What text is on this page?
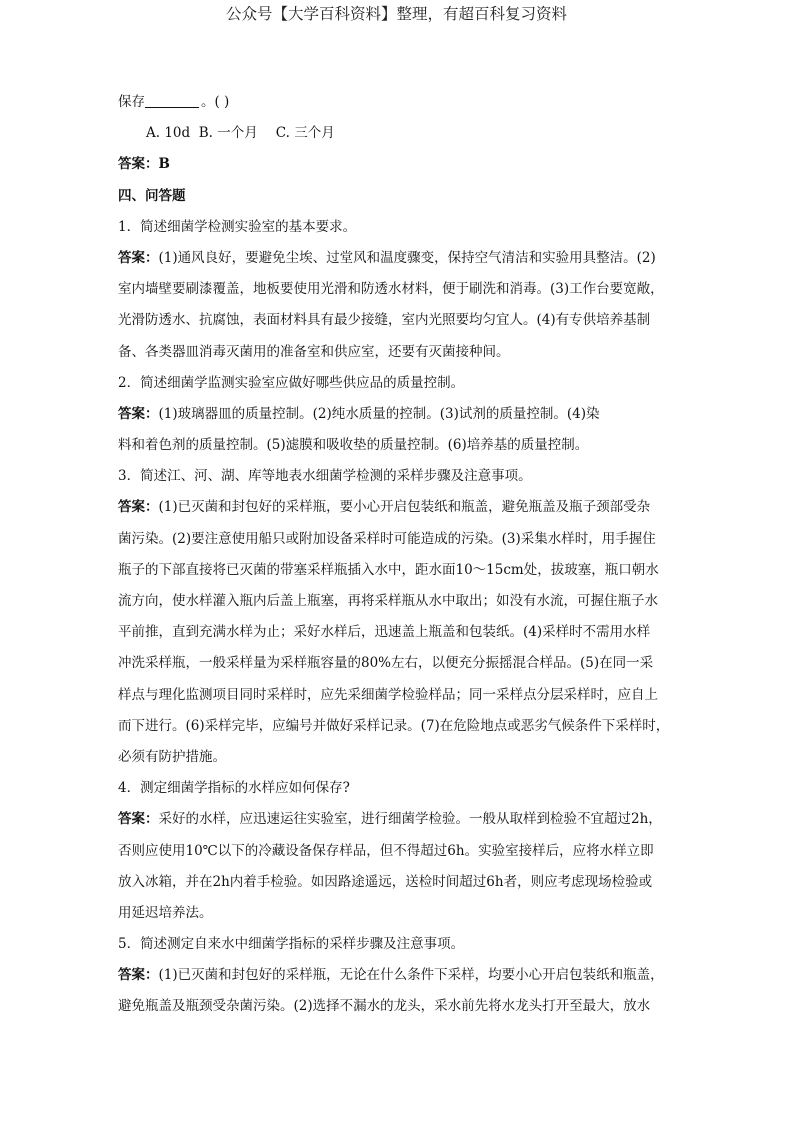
公众号【大学百科资料】整理，有超百科复习资料
保存	。( )
A. 10d B. 一个月 C. 三个月
答案：B
四、问答题
1．简述细菌学检测实验室的基本要求。
答案：(1)通风良好，要避免尘埃、过堂风和温度骤变，保持空气清洁和实验用具整洁。(2)
室内墙壁要刷漆覆盖，地板要使用光滑和防透水材料，便于刷洗和消毒。(3)工作台要宽敞，
光滑防透水、抗腐蚀，表面材料具有最少接缝，室内光照要均匀宜人。(4)有专供培养基制
备、各类器皿消毒灭菌用的准备室和供应室，还要有灭菌接种间。
2．简述细菌学监测实验室应做好哪些供应品的质量控制。
答案：(1)玻璃器皿的质量控制。(2)纯水质量的控制。(3)试剂的质量控制。(4)染
料和着色剂的质量控制。(5)滤膜和吸收垫的质量控制。(6)培养基的质量控制。
3．简述江、河、湖、库等地表水细菌学检测的采样步骤及注意事项。
答案：(1)已灭菌和封包好的采样瓶，要小心开启包装纸和瓶盖，避免瓶盖及瓶子颈部受杂
菌污染。(2)要注意使用船只或附加设备采样时可能造成的污染。(3)采集水样时，用手握住
瓶子的下部直接将已灭菌的带塞采样瓶插入水中，距水面10～15cm处，拔玻塞，瓶口朝水
流方向，使水样灌入瓶内后盖上瓶塞，再将采样瓶从水中取出；如没有水流，可握住瓶子水
平前推，直到充满水样为止；采好水样后，迅速盖上瓶盖和包装纸。(4)采样时不需用水样
冲洗采样瓶，一般采样量为采样瓶容量的80%左右，以便充分振摇混合样品。(5)在同一采
样点与理化监测项目同时采样时，应先采细菌学检验样品；同一采样点分层采样时，应自上
而下进行。(6)采样完毕，应编号并做好采样记录。(7)在危险地点或恶劣气候条件下采样时，
必须有防护措施。
4．测定细菌学指标的水样应如何保存?
答案：采好的水样，应迅速运往实验室，进行细菌学检验。一般从取样到检验不宜超过2h，
否则应使用10℃以下的冷藏设备保存样品，但不得超过6h。实验室接样后，应将水样立即
放入冰箱，并在2h内着手检验。如因路途遥远，送检时间超过6h者，则应考虑现场检验或
用延迟培养法。
5．简述测定自来水中细菌学指标的采样步骤及注意事项。
答案：(1)已灭菌和封包好的采样瓶，无论在什么条件下采样，均要小心开启包装纸和瓶盖，
避免瓶盖及瓶颈受杂菌污染。(2)选择不漏水的龙头，采水前先将水龙头打开至最大，放水
